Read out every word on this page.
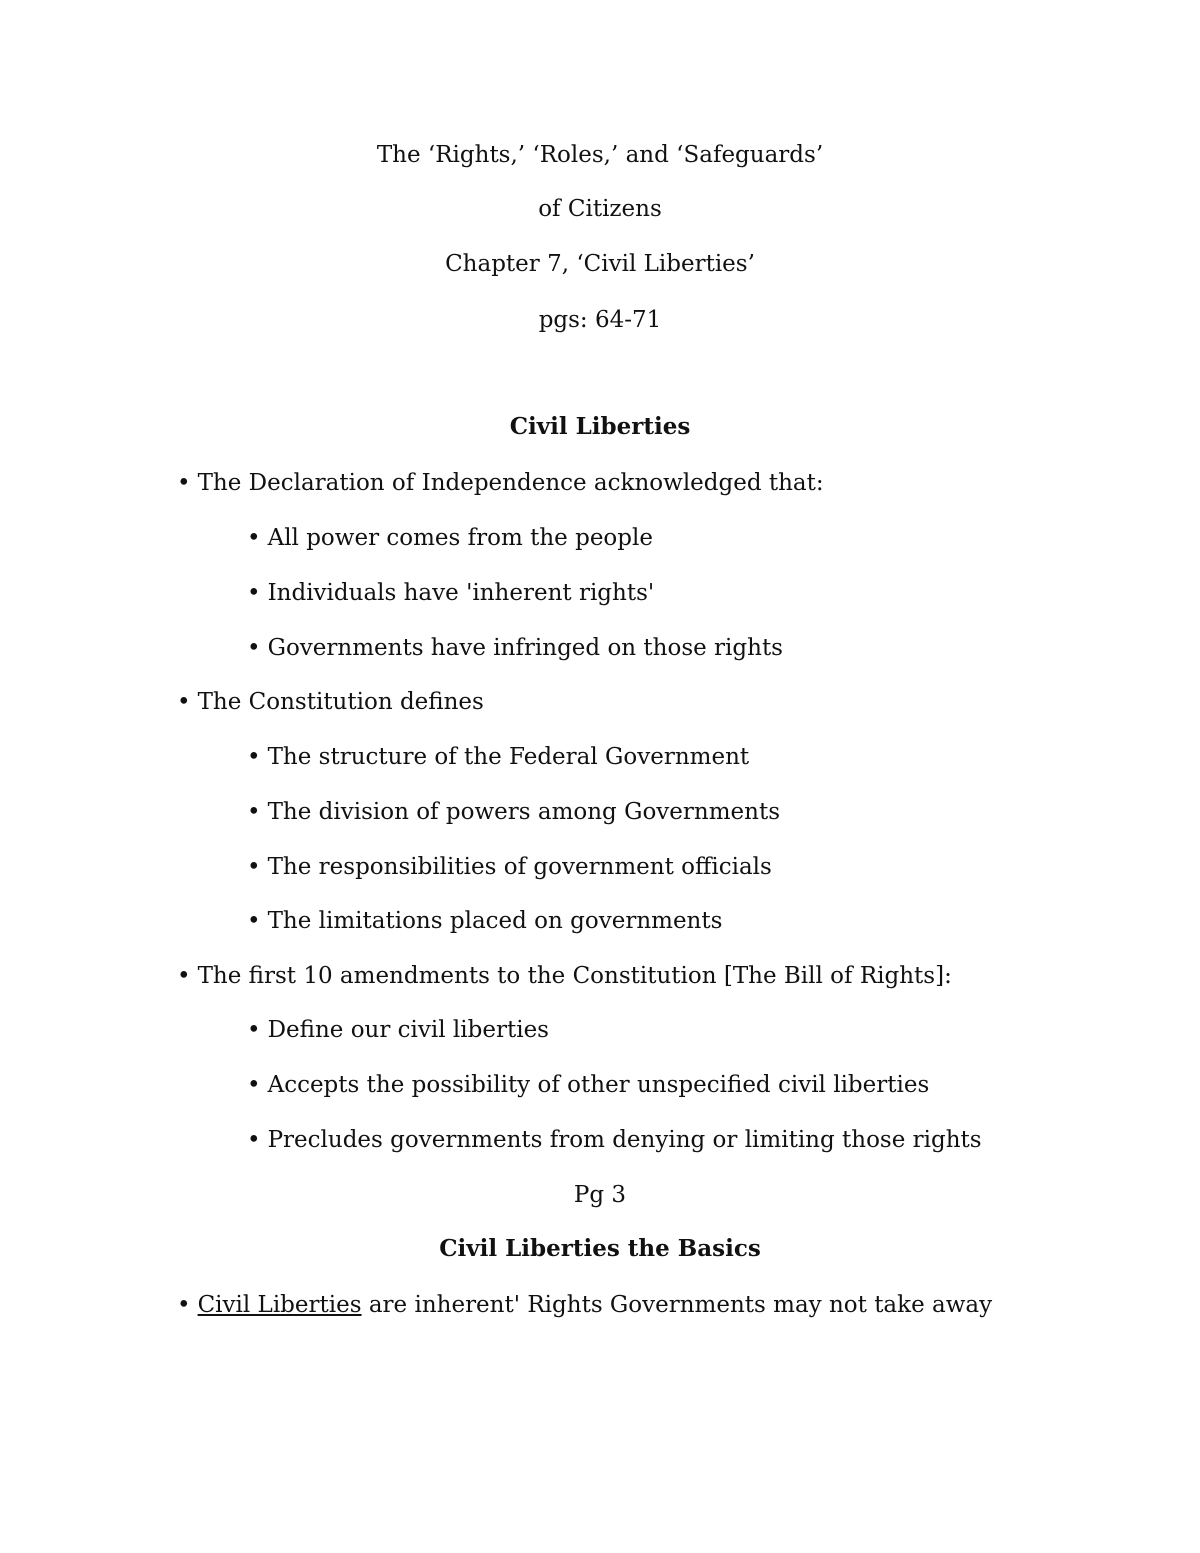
The ‘Rights,’ ‘Roles,’ and ‘Safeguards’
of Citizens
Chapter 7, ‘Civil Liberties’
pgs: 64-71
Civil Liberties
• The Declaration of Independence acknowledged that:
• All power comes from the people
• Individuals have 'inherent rights'
• Governments have infringed on those rights
• The Constitution defines
• The structure of the Federal Government
• The division of powers among Governments
• The responsibilities of government officials
• The limitations placed on governments
• The first 10 amendments to the Constitution [The Bill of Rights]:
• Define our civil liberties
• Accepts the possibility of other unspecified civil liberties
• Precludes governments from denying or limiting those rights
Pg 3
Civil Liberties the Basics
• Civil Liberties are inherent' Rights Governments may not take away
